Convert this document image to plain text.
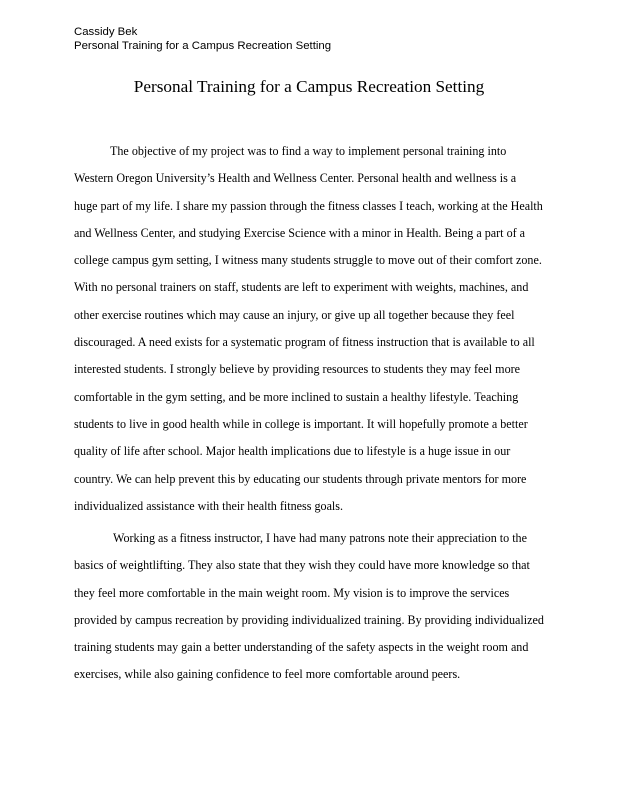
Cassidy Bek
Personal Training for a Campus Recreation Setting
Personal Training for a Campus Recreation Setting
The objective of my project was to find a way to implement personal training into
Western Oregon University’s Health and Wellness Center. Personal health and wellness is a
huge part of my life. I share my passion through the fitness classes I teach, working at the Health
and Wellness Center, and studying Exercise Science with a minor in Health. Being a part of a
college campus gym setting, I witness many students struggle to move out of their comfort zone.
With no personal trainers on staff, students are left to experiment with weights, machines, and
other exercise routines which may cause an injury, or give up all together because they feel
discouraged. A need exists for a systematic program of fitness instruction that is available to all
interested students. I strongly believe by providing resources to students they may feel more
comfortable in the gym setting, and be more inclined to sustain a healthy lifestyle. Teaching
students to live in good health while in college is important. It will hopefully promote a better
quality of life after school. Major health implications due to lifestyle is a huge issue in our
country. We can help prevent this by educating our students through private mentors for more
individualized assistance with their health fitness goals.
Working as a fitness instructor, I have had many patrons note their appreciation to the
basics of weightlifting. They also state that they wish they could have more knowledge so that
they feel more comfortable in the main weight room. My vision is to improve the services
provided by campus recreation by providing individualized training. By providing individualized
training students may gain a better understanding of the safety aspects in the weight room and
exercises, while also gaining confidence to feel more comfortable around peers.
